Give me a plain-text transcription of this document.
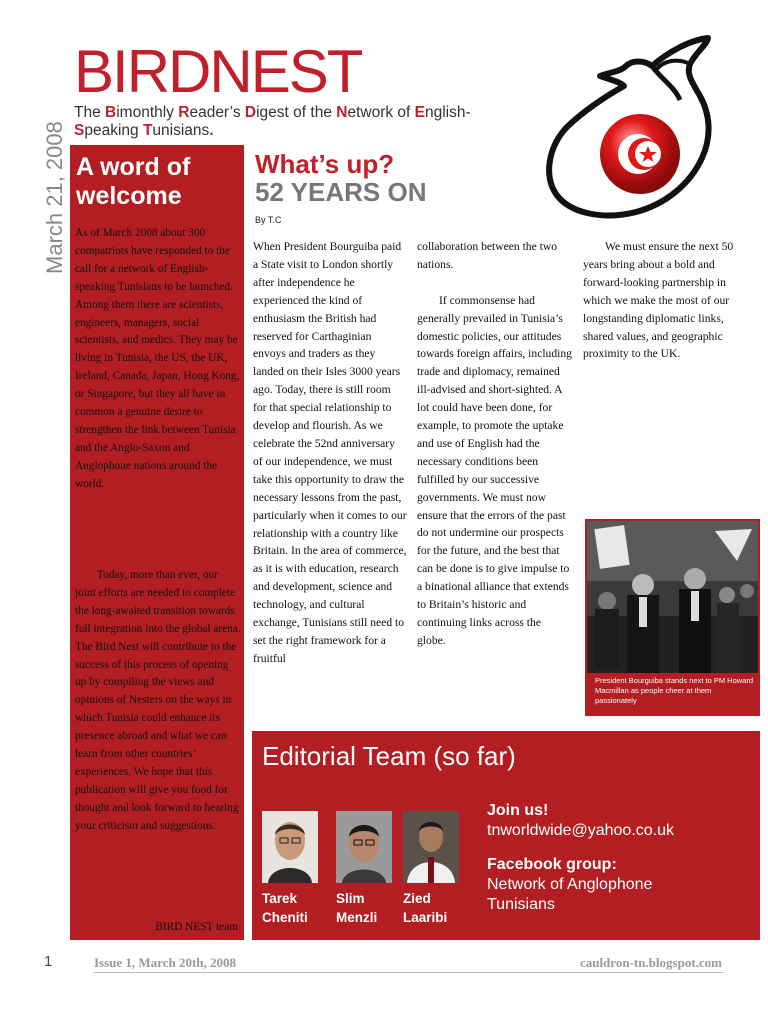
BIRDNEST
The Bimonthly Reader’s Digest of the Network of English-Speaking Tunisians.
March 21, 2008 A word of welcome
As of March 2008 about 300 compatriots have responded to the call for a network of English-speaking Tunisians to be launched. Among them there are scientists, engineers, managers, social scientists, and medics. They may be living in Tunisia, the US, the UK, Ireland, Canada, Japan, Hong Kong, or Singapore, but they all have in common a genuine desire to strengthen the link between Tunisia and the Anglo-Saxon and Anglophone nations around the world.
Today, more than ever, our joint efforts are needed to complete the long-awaited transition towards full integration into the global arena. The Bird Nest will contribute to the success of this process of opening up by compiling the views and opinions of Nesters on the ways in which Tunisia could enhance its presence abroad and what we can learn from other countries’ experiences. We hope that this publication will give you food for thought and look forward to hearing your criticism and suggestions.
BIRD NEST team
What’s up?
52 YEARS ON
By T.C
When President Bourguiba paid a State visit to London shortly after independence he experienced the kind of enthusiasm the British had reserved for Carthaginian envoys and traders as they landed on their Isles 3000 years ago. Today, there is still room for that special relationship to develop and flourish. As we celebrate the 52nd anniversary of our independence, we must take this opportunity to draw the necessary lessons from the past, particularly when it comes to our relationship with a country like Britain. In the area of commerce, as it is with education, research and development, science and technology, and cultural exchange, Tunisians still need to set the right framework for a fruitful
collaboration between the two nations.
If commonsense had generally prevailed in Tunisia’s domestic policies, our attitudes towards foreign affairs, including trade and diplomacy, remained ill-advised and short-sighted. A lot could have been done, for example, to promote the uptake and use of English had the necessary conditions been fulfilled by our successive governments. We must now ensure that the errors of the past do not undermine our prospects for the future, and the best that can be done is to give impulse to a binational alliance that extends to Britain’s historic and continuing links across the globe.
We must ensure the next 50 years bring about a bold and forward-looking partnership in which we make the most of our longstanding diplomatic links, shared values, and geographic proximity to the UK.
President Bourguiba stands next to PM Howard Macmillan as people cheer at them passionately
Editorial Team (so far)
Tarek
Cheniti
Slim
Menzli
Zied
Laaribi
Join us!
tnworldwide@yahoo.co.uk
Facebook group:
Network of Anglophone
Tunisians
1	Issue 1, March 20th, 2008	cauldron-tn.blogspot.com
